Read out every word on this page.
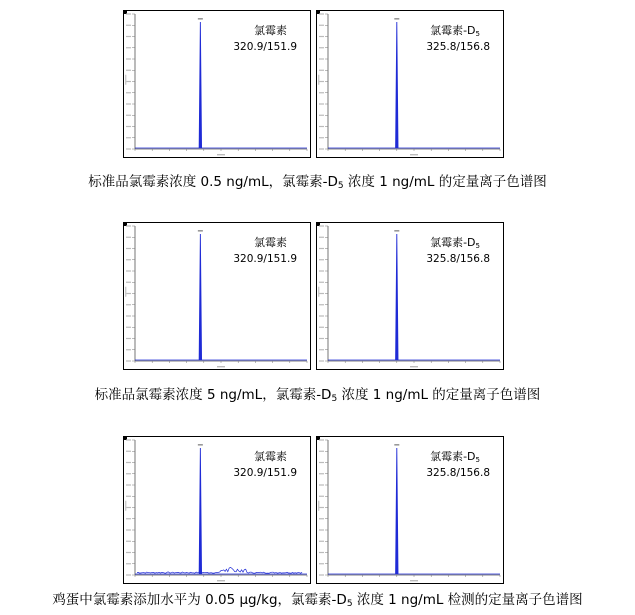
氯霉素
320.9/151.9
氯霉素-D5
325.8/156.8
氯霉素
320.9/151.9
氯霉素-D5
325.8/156.8
氯霉素
320.9/151.9
氯霉素-D5
325.8/156.8
标准品氯霉素浓度 0.5 ng/mL，氯霉素$-D_5$ 浓度 1 ng/mL 的定量离子色谱图
标准品氯霉素浓度 5 ng/mL，氯霉素$-D_5$ 浓度 1 ng/mL 的定量离子色谱图
鸡蛋中氯霉素添加水平为 0.05 μg/kg，氯霉素$-D_5$ 浓度 1 ng/mL 检测的定量离子色谱图
